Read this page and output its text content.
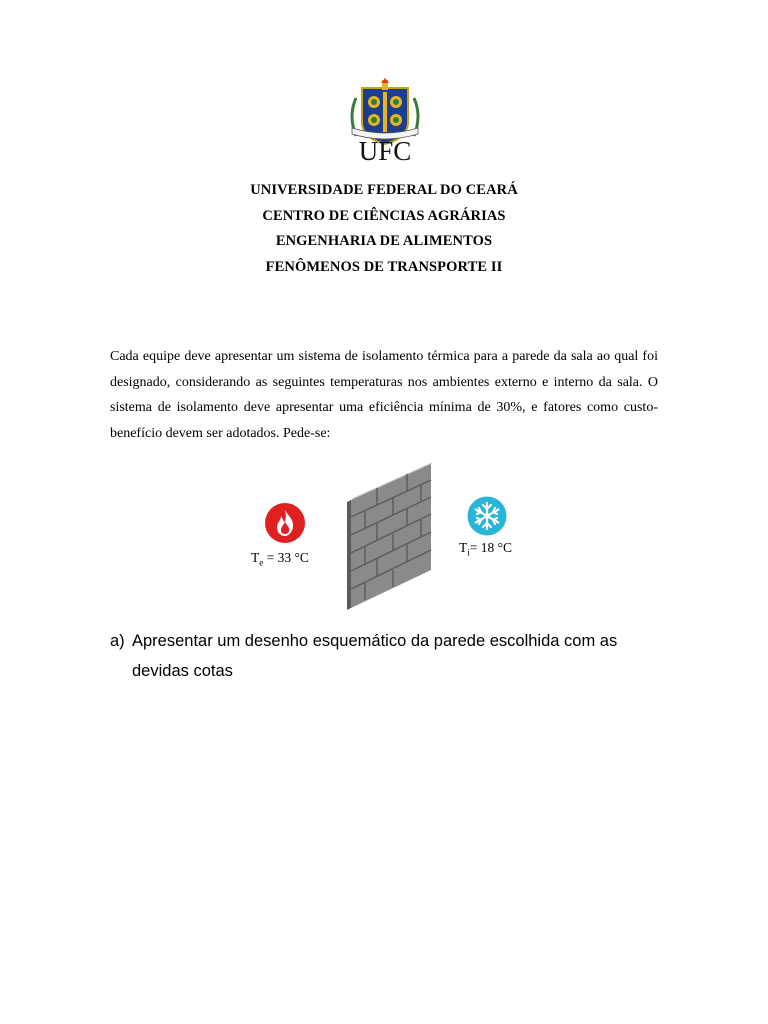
UFC
UNIVERSIDADE FEDERAL DO CEARÁ
CENTRO DE CIÊNCIAS AGRÁRIAS
ENGENHARIA DE ALIMENTOS
FENÔMENOS DE TRANSPORTE II
Cada equipe deve apresentar um sistema de isolamento térmica para a parede da sala ao qual foi designado, considerando as seguintes temperaturas nos ambientes externo e interno da sala. O sistema de isolamento deve apresentar uma eficiência mínima de 30%, e fatores como custo-benefício devem ser adotados. Pede-se:
$T_e = 33$ °C
$T_i= 18$ °C
a) Apresentar um desenho esquemático da parede escolhida com as devidas cotas
